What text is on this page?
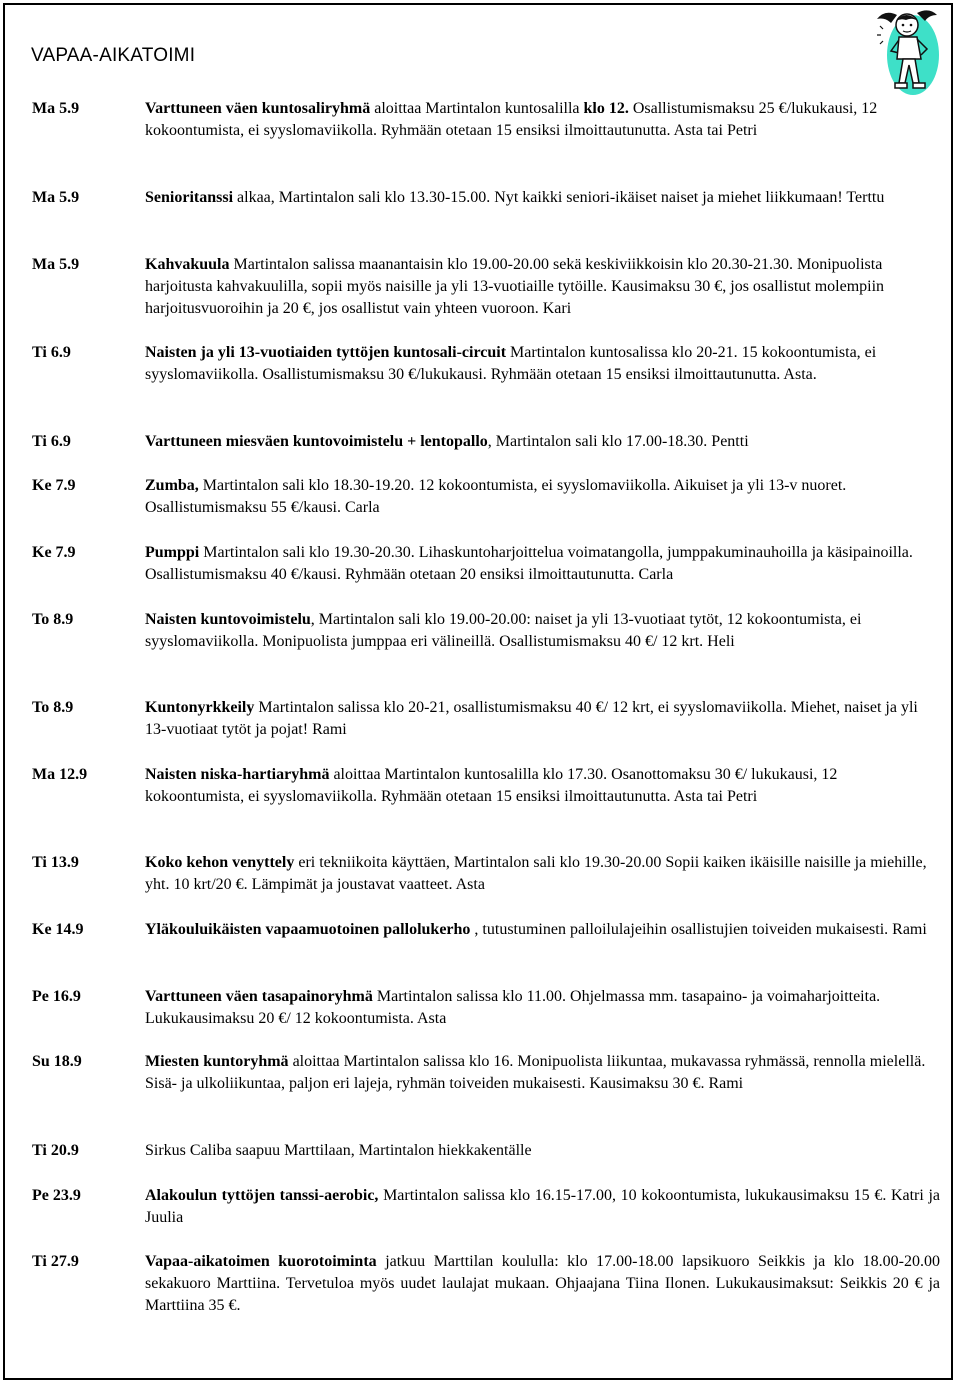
VAPAA-AIKATOIMI
Ma 5.9	Varttuneen väen kuntosaliryhmä aloittaa Martintalon kuntosalilla klo 12. Osallistumismaksu 25 €/lukukausi, 12 kokoontumista, ei syyslomaviikolla. Ryhmään otetaan 15 ensiksi ilmoittautunutta. Asta tai Petri
Ma 5.9	Senioritanssi alkaa, Martintalon sali klo 13.30-15.00. Nyt kaikki seniori-ikäiset naiset ja miehet liikkumaan! Terttu
Ma 5.9	Kahvakuula Martintalon salissa maanantaisin klo 19.00-20.00 sekä keskiviikkoisin klo 20.30-21.30. Monipuolista harjoitusta kahvakuulilla, sopii myös naisille ja yli 13-vuotiaille tytöille. Kausimaksu 30 €, jos osallistut molempiin harjoitusvuoroihin ja 20 €, jos osallistut vain yhteen vuoroon. Kari
Ti 6.9	Naisten ja yli 13-vuotiaiden tyttöjen kuntosali-circuit Martintalon kuntosalissa klo 20-21. 15 kokoontumista, ei syyslomaviikolla. Osallistumismaksu 30 €/lukukausi. Ryhmään otetaan 15 ensiksi ilmoittautunutta. Asta.
Ti 6.9	Varttuneen miesväen kuntovoimistelu + lentopallo, Martintalon sali klo 17.00-18.30. Pentti
Ke 7.9	Zumba, Martintalon sali klo 18.30-19.20. 12 kokoontumista, ei syyslomaviikolla. Aikuiset ja yli 13-v nuoret. Osallistumismaksu 55 €/kausi. Carla
Ke 7.9	Pumppi Martintalon sali klo 19.30-20.30. Lihaskuntoharjoittelua voimatangolla, jumppakuminauhoilla ja käsipainoilla. Osallistumismaksu 40 €/kausi. Ryhmään otetaan 20 ensiksi ilmoittautunutta. Carla
To 8.9	Naisten kuntovoimistelu, Martintalon sali klo 19.00-20.00: naiset ja yli 13-vuotiaat tytöt, 12 kokoontumista, ei syyslomaviikolla. Monipuolista jumppaa eri välineillä. Osallistumismaksu 40 €/ 12 krt. Heli
To 8.9	Kuntonyrkkeily Martintalon salissa klo 20-21, osallistumismaksu 40 €/ 12 krt, ei syyslomaviikolla. Miehet, naiset ja yli 13-vuotiaat tytöt ja pojat! Rami
Ma 12.9	Naisten niska-hartiaryhmä aloittaa Martintalon kuntosalilla klo 17.30. Osanottomaksu 30 €/ lukukausi, 12 kokoontumista, ei syyslomaviikolla. Ryhmään otetaan 15 ensiksi ilmoittautunutta. Asta tai Petri
Ti 13.9	Koko kehon venyttely eri tekniikoita käyttäen, Martintalon sali klo 19.30-20.00 Sopii kaiken ikäisille naisille ja miehille, yht. 10 krt/20 €. Lämpimät ja joustavat vaatteet. Asta
Ke 14.9	Yläkouluikäisten vapaamuotoinen pallolukerho , tutustuminen palloilulajeihin osallistujien toiveiden mukaisesti. Rami
Pe 16.9	Varttuneen väen tasapainoryhmä Martintalon salissa klo 11.00. Ohjelmassa mm. tasapaino- ja voimaharjoitteita. Lukukausimaksu 20 €/ 12 kokoontumista. Asta
Su 18.9	Miesten kuntoryhmä aloittaa Martintalon salissa klo 16. Monipuolista liikuntaa, mukavassa ryhmässä, rennolla mielellä. Sisä- ja ulkoliikuntaa, paljon eri lajeja, ryhmän toiveiden mukaisesti. Kausimaksu 30 €. Rami
Ti 20.9	Sirkus Caliba saapuu Marttilaan, Martintalon hiekkakentälle
Pe 23.9	Alakoulun tyttöjen tanssi-aerobic, Martintalon salissa klo 16.15-17.00, 10 kokoontumista, lukukausimaksu 15 €. Katri ja Juulia
Ti 27.9	Vapaa-aikatoimen kuorotoiminta jatkuu Marttilan koululla: klo 17.00-18.00 lapsikuoro Seikkis ja klo 18.00-20.00 sekakuoro Marttiina. Tervetuloa myös uudet laulajat mukaan. Ohjaajana Tiina Ilonen. Lukukausimaksut: Seikkis 20 € ja Marttiina 35 €.
